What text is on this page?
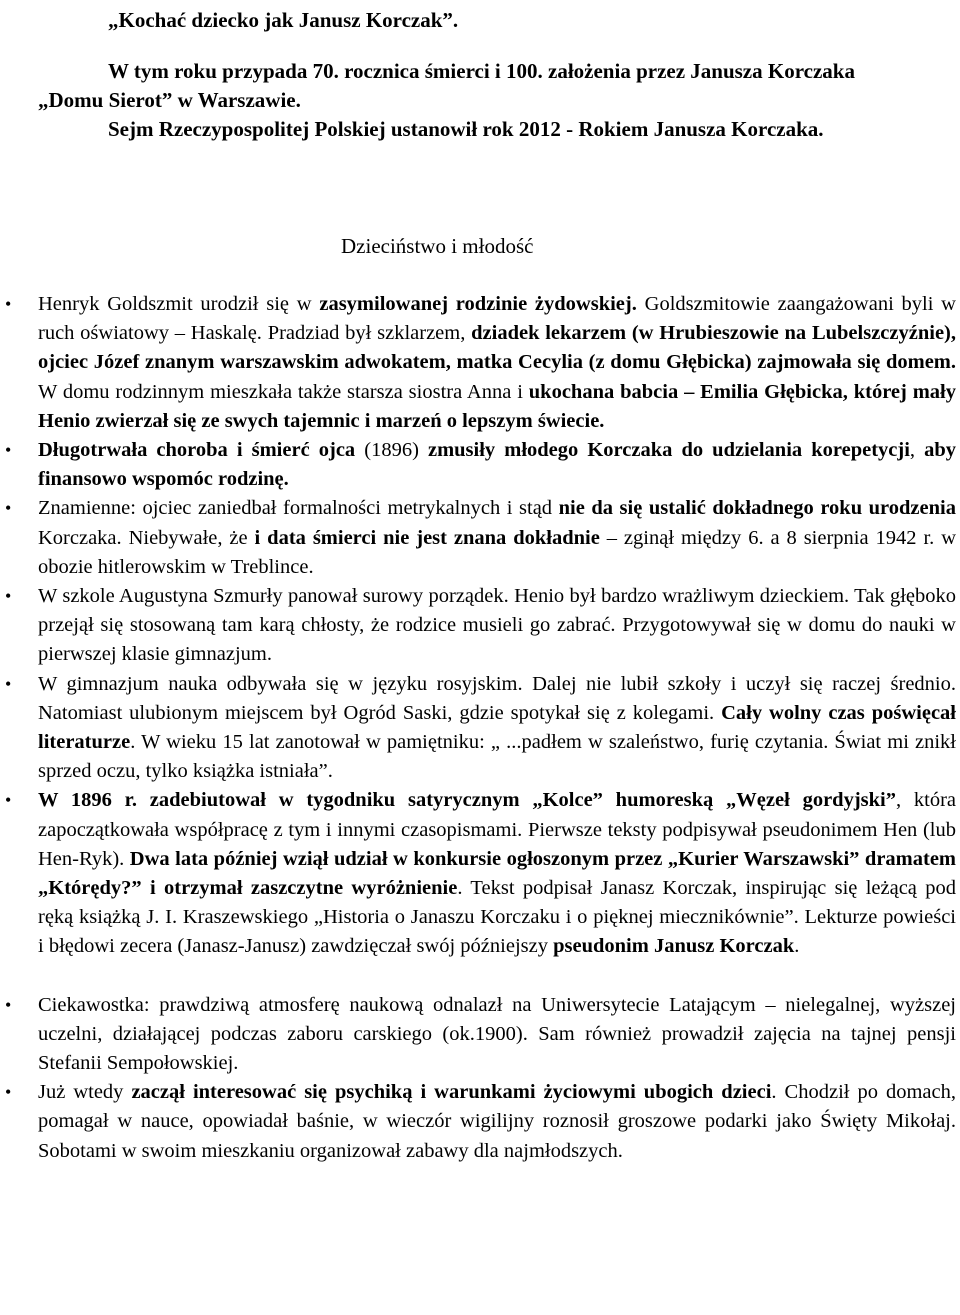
„Kochać dziecko jak Janusz Korczak”.

W tym roku przypada 70. rocznica śmierci i 100. założenia przez Janusza Korczaka „Domu Sierot” w Warszawie.

Sejm Rzeczypospolitej Polskiej ustanowił rok 2012 - Rokiem Janusza Korczaka.

Dzieciństwo i młodość
• Henryk Goldszmit urodził się w zasymilowanej rodzinie żydowskiej. Goldszmitowie zaangażowani byli w ruch oświatowy – Haskalę. Pradziad był szklarzem, dziadek lekarzem (w Hrubieszowie na Lubelszczyźnie), ojciec Józef znanym warszawskim adwokatem, matka Cecylia (z domu Głębicka) zajmowała się domem. W domu rodzinnym mieszkała także starsza siostra Anna i ukochana babcia – Emilia Głębicka, której mały Henio zwierzał się ze swych tajemnic i marzeń o lepszym świecie.
• Długotrwała choroba i śmierć ojca (1896) zmusiły młodego Korczaka do udzielania korepetycji, aby finansowo wspomóc rodzinę.
• Znamienne: ojciec zaniedbał formalności metrykalnych i stąd nie da się ustalić dokładnego roku urodzenia Korczaka. Niebywałe, że i data śmierci nie jest znana dokładnie – zginął między 6. a 8 sierpnia 1942 r. w obozie hitlerowskim w Treblince.
• W szkole Augustyna Szmurły panował surowy porządek. Henio był bardzo wrażliwym dzieckiem. Tak głęboko przejął się stosowaną tam karą chłosty, że rodzice musieli go zabrać. Przygotowywał się w domu do nauki w pierwszej klasie gimnazjum.
• W gimnazjum nauka odbywała się w języku rosyjskim. Dalej nie lubił szkoły i uczył się raczej średnio. Natomiast ulubionym miejscem był Ogród Saski, gdzie spotykał się z kolegami. Cały wolny czas poświęcał literaturze. W wieku 15 lat zanotował w pamiętniku: „ ...padłem w szaleństwo, furię czytania. Świat mi znikł sprzed oczu, tylko książka istniała”.
• W 1896 r. zadebiutował w tygodniku satyrycznym „Kolce” humoreską „Węzeł gordyjski”, która zapoczątkowała współpracę z tym i innymi czasopismami. Pierwsze teksty podpisywał pseudonimem Hen (lub Hen-Ryk). Dwa lata później wziął udział w konkursie ogłoszonym przez „Kurier Warszawski” dramatem „Którędy?” i otrzymał zaszczytne wyróżnienie. Tekst podpisał Janasz Korczak, inspirując się leżącą pod ręką książką J. I. Kraszewskiego „Historia o Janaszu Korczaku i o pięknej miecznikównie”. Lekturze powieści i błędowi zecera (Janasz-Janusz) zawdzięczał swój późniejszy pseudonim Janusz Korczak.
• Ciekawostka: prawdziwą atmosferę naukową odnalazł na Uniwersytecie Latającym – nielegalnej, wyższej uczelni, działającej podczas zaboru carskiego (ok.1900). Sam również prowadził zajęcia na tajnej pensji Stefanii Sempołowskiej.
• Już wtedy zaczął interesować się psychiką i warunkami życiowymi ubogich dzieci. Chodził po domach, pomagał w nauce, opowiadał baśnie, w wieczór wigilijny roznosił groszowe podarki jako Święty Mikołaj. Sobotami w swoim mieszkaniu organizował zabawy dla najmłodszych.
